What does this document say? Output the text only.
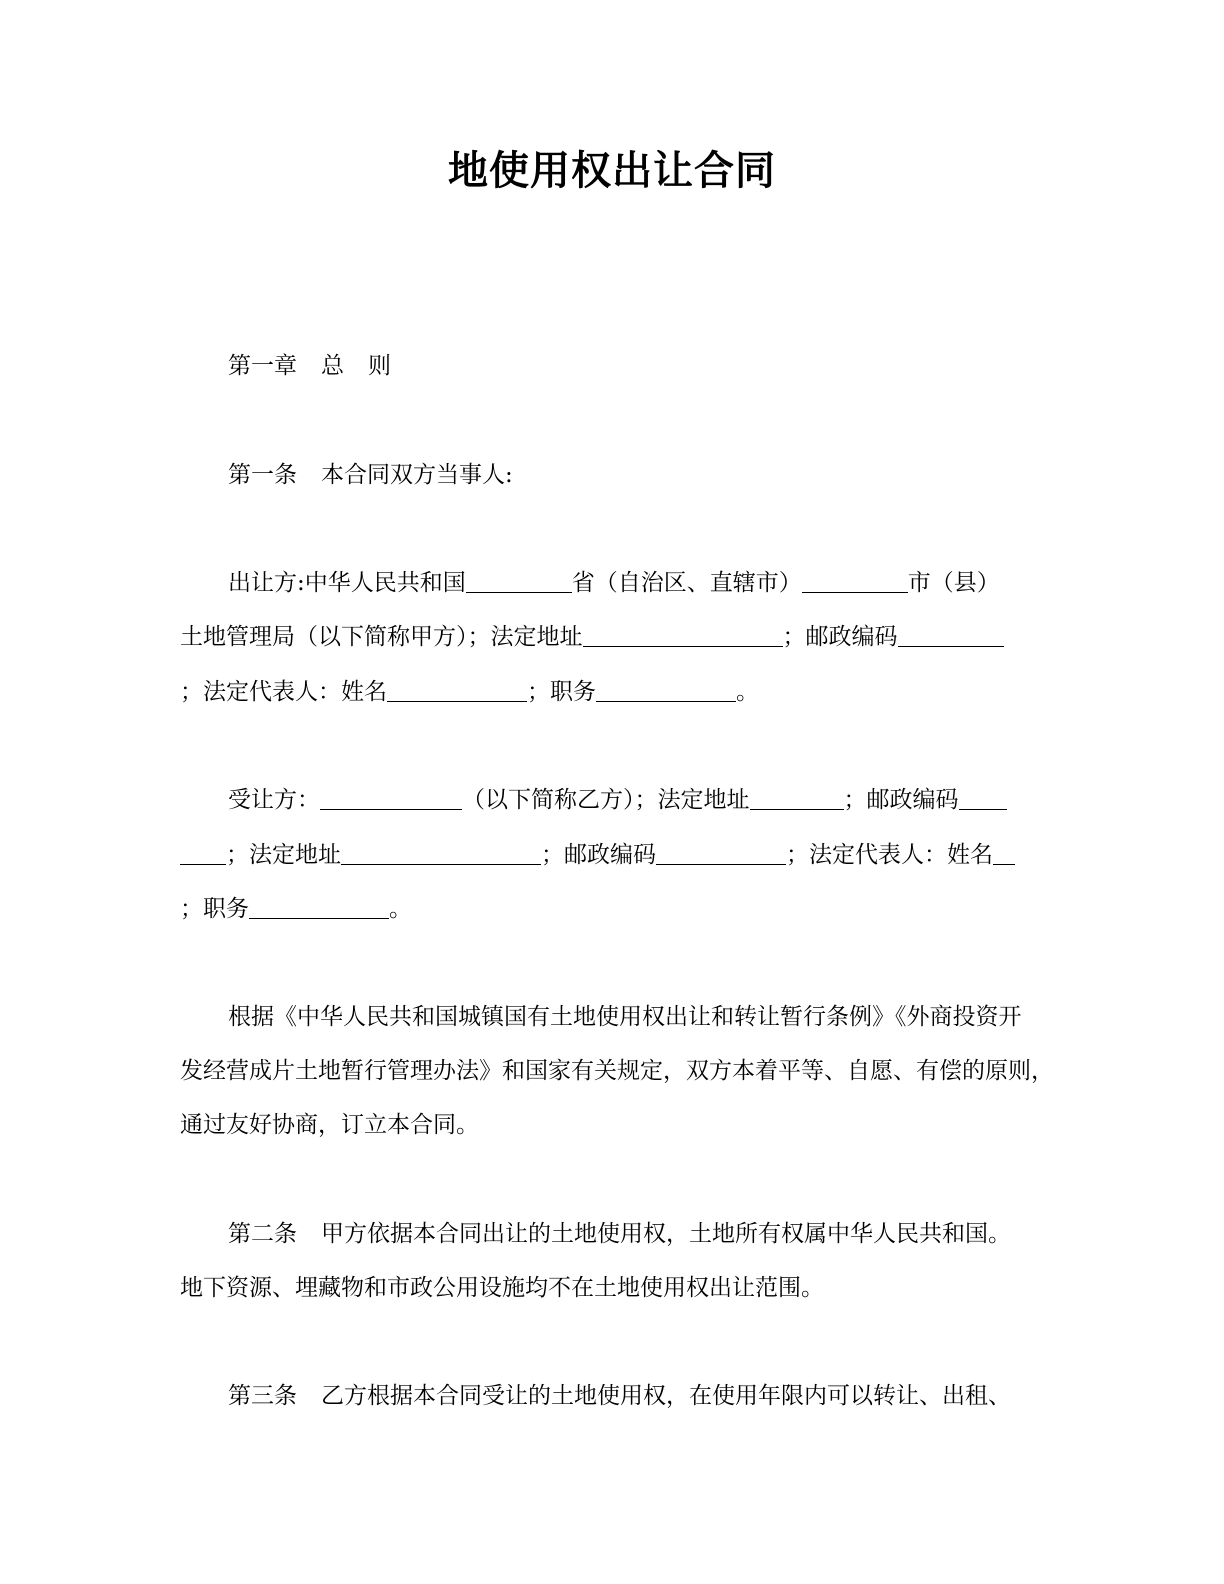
地使用权出让合同
第一章 总 则
第一条 本合同双方当事人:
出让方:中华人民共和国	省（自治区、直辖市）	市（县）
土地管理局（以下简称甲方）；法定地址	；邮政编码
；法定代表人：姓名	；职务	。
受让方：	（以下简称乙方）；法定地址	；邮政编码
；法定地址	；邮政编码	；法定代表人：姓名
；职务	。
根据《中华人民共和国城镇国有土地使用权出让和转让暂行条例》《外商投资开
发经营成片土地暂行管理办法》和国家有关规定，双方本着平等、自愿、有偿的原则，
通过友好协商，订立本合同。
第二条 甲方依据本合同出让的土地使用权，土地所有权属中华人民共和国。
地下资源、埋藏物和市政公用设施均不在土地使用权出让范围。
第三条 乙方根据本合同受让的土地使用权，在使用年限内可以转让、出租、
